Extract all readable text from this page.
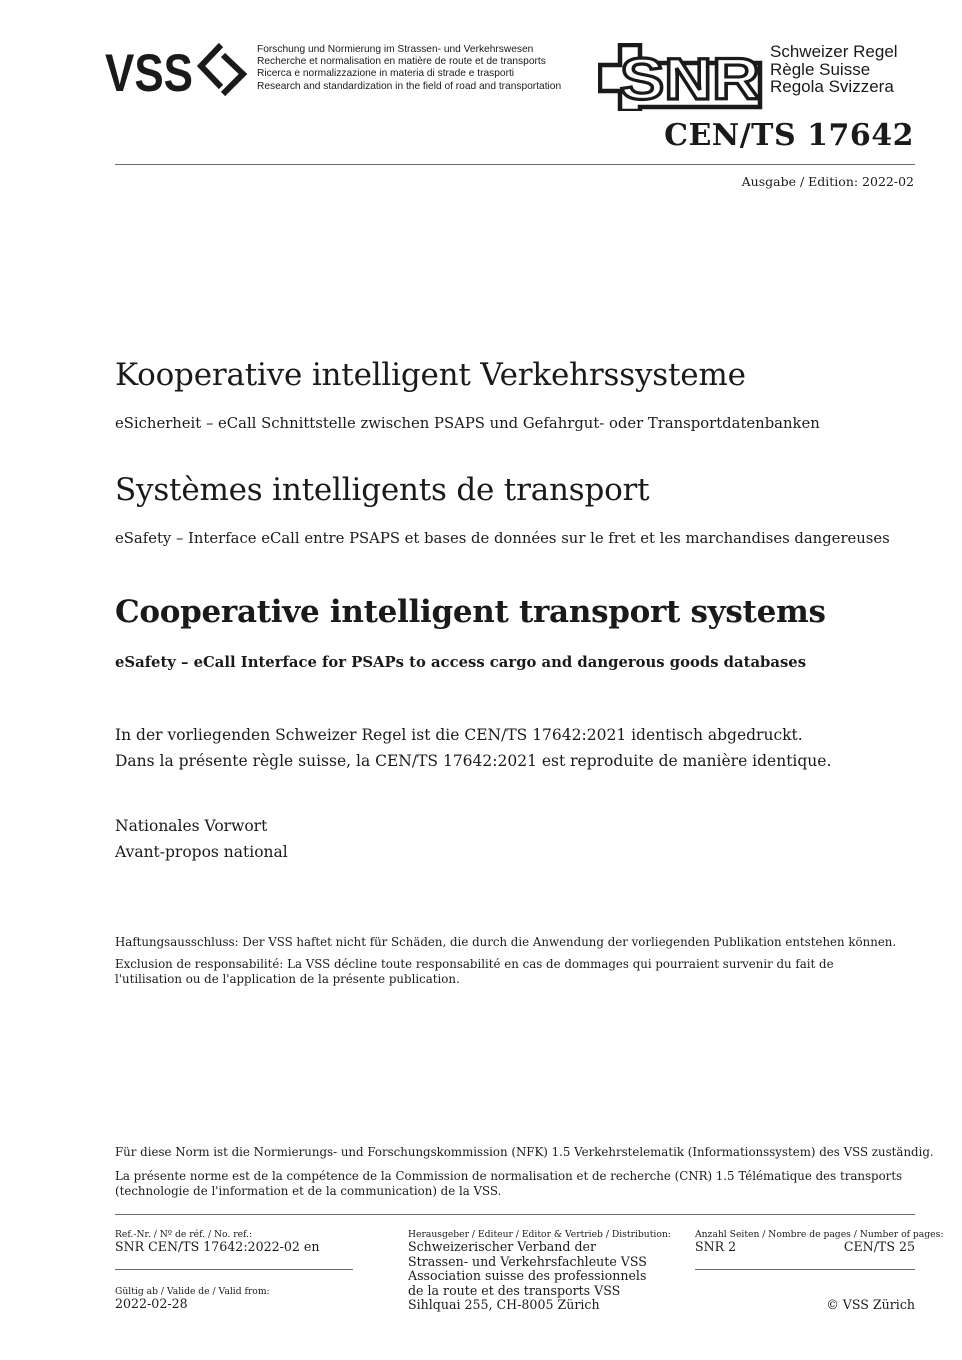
VSS	Forschung und Normierung im Strassen- und Verkehrswesen
Recherche et normalisation en matière de route et de transports
Ricerca e normalizzazione in materia di strade e trasporti
Research and standardization in the field of road and transportation SNR Schweizer Regel
Règle Suisse
Regola Svizzera
CEN/TS 17642
Ausgabe / Edition: 2022-02
Kooperative intelligent Verkehrssysteme
eSicherheit – eCall Schnittstelle zwischen PSAPS und Gefahrgut- oder Transportdatenbanken
Systèmes intelligents de transport
eSafety – Interface eCall entre PSAPS et bases de données sur le fret et les marchandises dangereuses
Cooperative intelligent transport systems
eSafety – eCall Interface for PSAPs to access cargo and dangerous goods databases
In der vorliegenden Schweizer Regel ist die CEN/TS 17642:2021 identisch abgedruckt.
Dans la présente règle suisse, la CEN/TS 17642:2021 est reproduite de manière identique.
Nationales Vorwort
Avant-propos national
Haftungsausschluss: Der VSS haftet nicht für Schäden, die durch die Anwendung der vorliegenden Publikation entstehen können.
Exclusion de responsabilité: La VSS décline toute responsabilité en cas de dommages qui pourraient survenir du fait de l'utilisation ou de l'application de la présente publication.
Für diese Norm ist die Normierungs- und Forschungskommission (NFK) 1.5 Verkehrstelematik (Informationssystem) des VSS zuständig.
La présente norme est de la compétence de la Commission de normalisation et de recherche (CNR) 1.5 Télématique des transports (technologie de l'information et de la communication) de la VSS.
Ref.-Nr. / Nº de réf. / No. ref.:
SNR CEN/TS 17642:2022-02 en
Gültig ab / Valide de / Valid from:
2022-02-28
Herausgeber / Editeur / Editor & Vertrieb / Distribution:
Schweizerischer Verband der
Strassen- und Verkehrsfachleute VSS
Association suisse des professionnels
de la route et des transports VSS
Sihlquai 255, CH-8005 Zürich
Anzahl Seiten / Nombre de pages / Number of pages:
SNR 2	CEN/TS 25
© VSS Zürich
